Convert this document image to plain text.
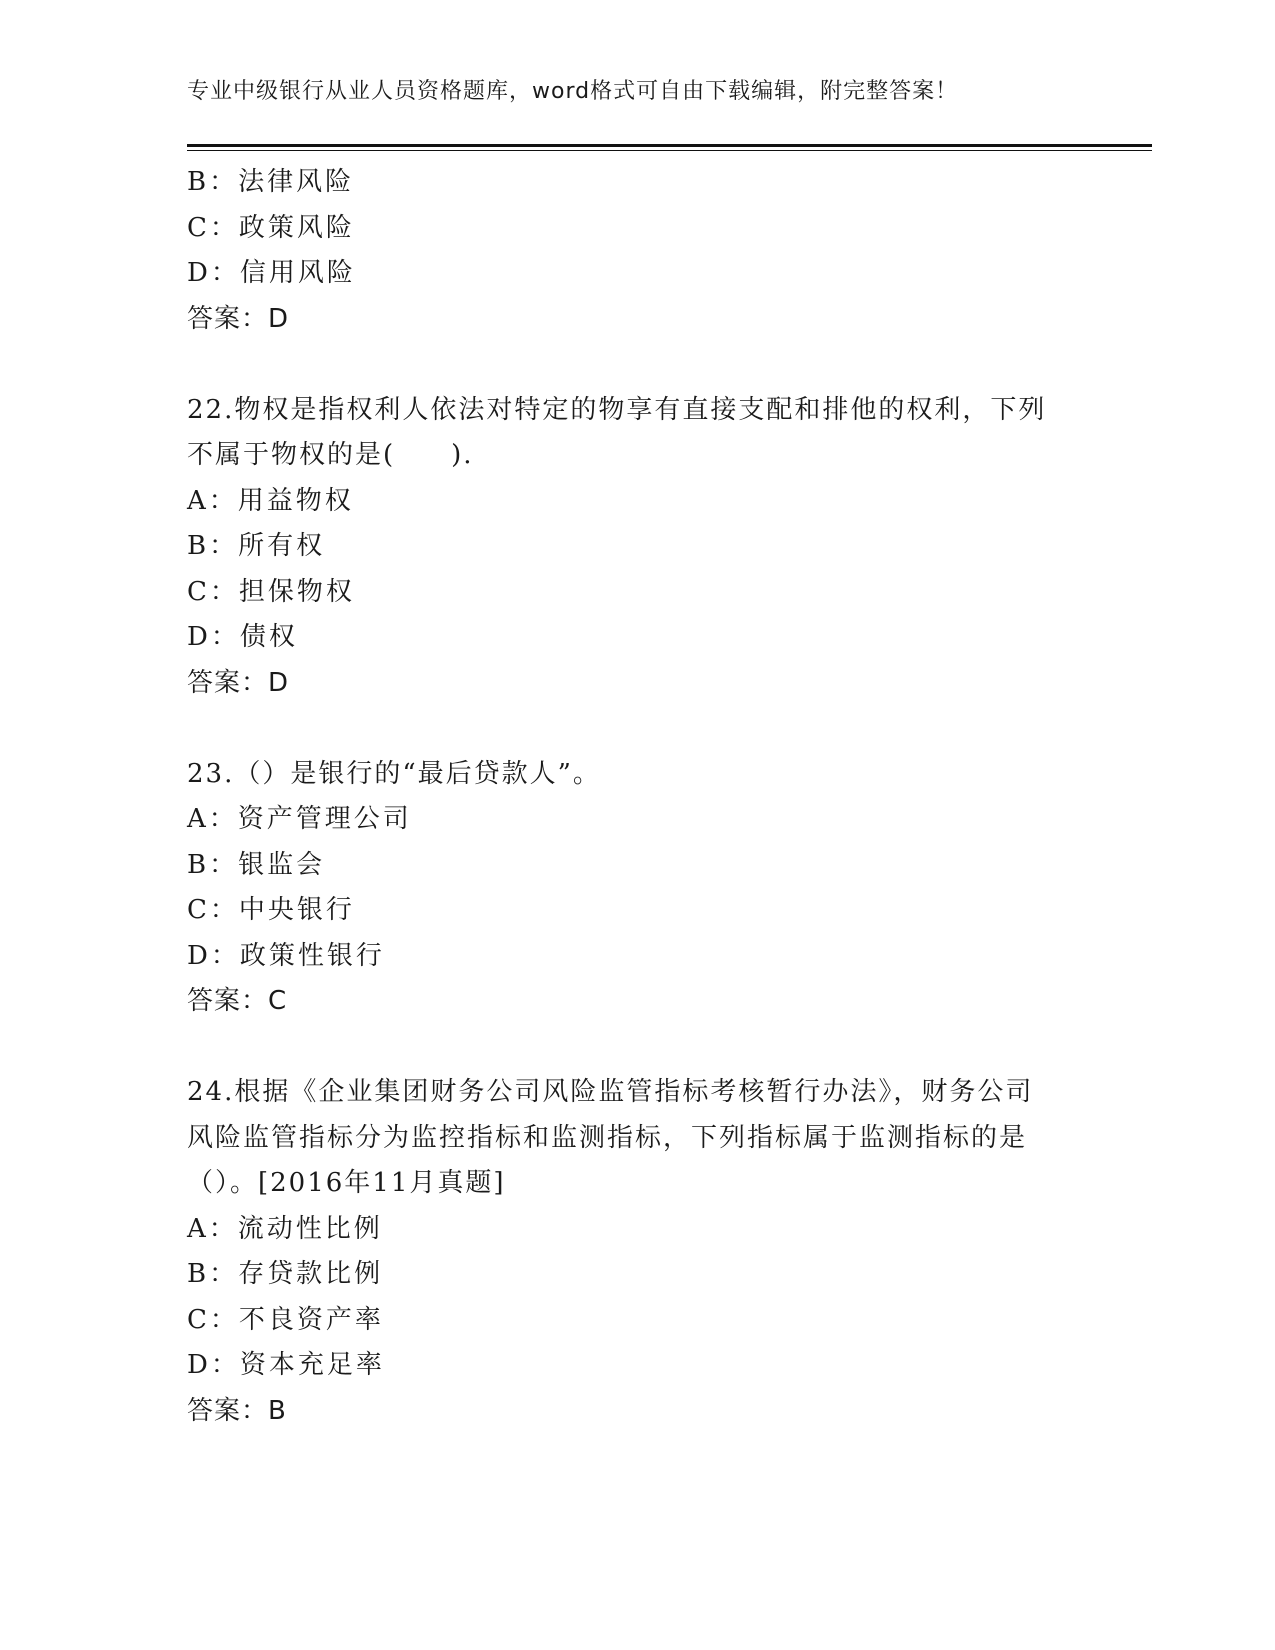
专业中级银行从业人员资格题库，word格式可自由下载编辑，附完整答案！
B：法律风险
C：政策风险
D：信用风险
答案：D
22.物权是指权利人依法对特定的物享有直接支配和排他的权利，下列
不属于物权的是(　　).
A：用益物权
B：所有权
C：担保物权
D：债权
答案：D
23.（）是银行的“最后贷款人”。
A：资产管理公司
B：银监会
C：中央银行
D：政策性银行
答案：C
24.根据《企业集团财务公司风险监管指标考核暂行办法》，财务公司
风险监管指标分为监控指标和监测指标，下列指标属于监测指标的是
（）。[2016年11月真题]
A：流动性比例
B：存贷款比例
C：不良资产率
D：资本充足率
答案：B
